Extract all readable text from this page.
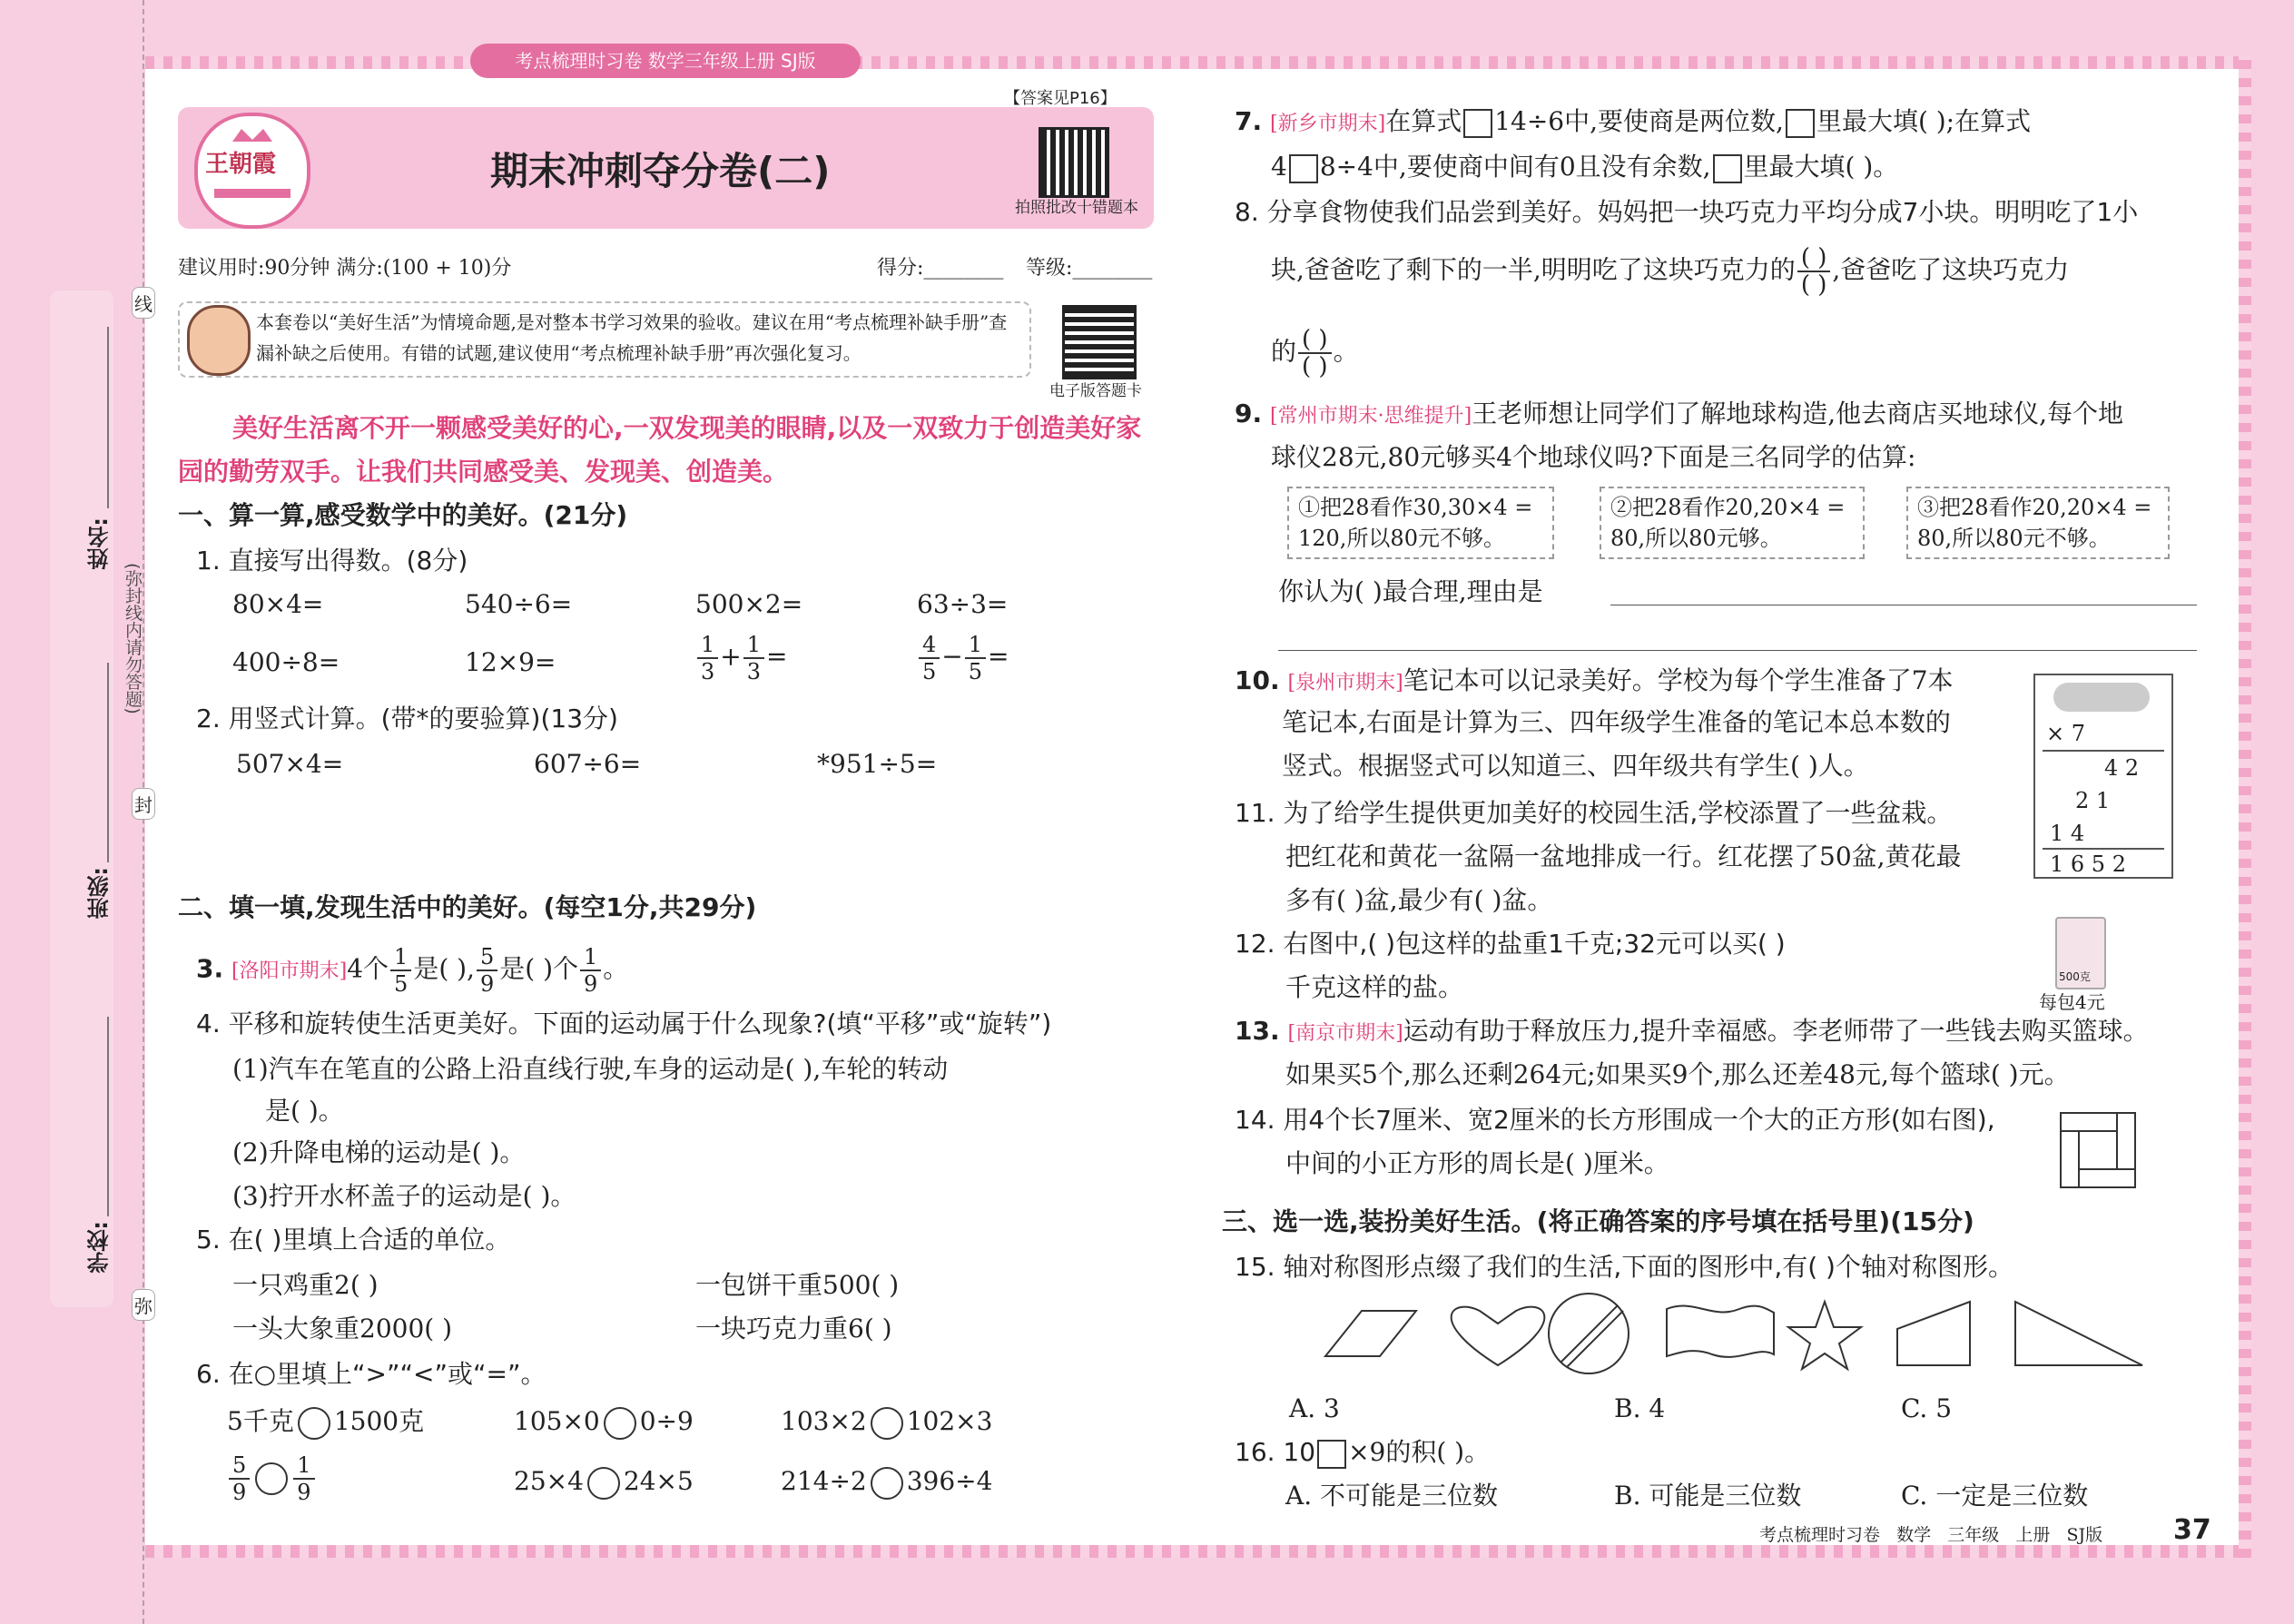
姓名:
班级:
学校:
(弥封线内请勿答题)
线
封
弥
考点梳理时习卷 数学三年级上册 SJ版
王朝霞	期末冲刺夺分卷(二)
【答案见P16】
拍照批改十错题本
建议用时:90分钟 满分:(100 + 10)分	得分:________ 等级:________
本套卷以“美好生活”为情境命题,是对整本书学习效果的验收。建议在用“考点梳理补缺手册”查漏补缺之后使用。有错的试题,建议使用“考点梳理补缺手册”再次强化复习。
电子版答题卡
美好生活离不开一颗感受美好的心,一双发现美的眼睛,以及一双致力于创造美好家园的勤劳双手。让我们共同感受美、发现美、创造美。
一、算一算,感受数学中的美好。(21分)
1. 直接写出得数。(8分)
80×4=	540÷6=	500×2=	63÷3=
400÷8=	12×9=	$\frac{1}{3} + \frac{1}{3}$ =	$\frac{4}{5} - \frac{1}{5}$ =
2. 用竖式计算。(带*的要验算)(13分)
507×4=	607÷6=	*951÷5=
二、填一填,发现生活中的美好。(每空1分,共29分)
3. [洛阳市期末]4个 $\frac{1}{5}$ 是( ), $\frac{5}{9}$ 是( )个 $\frac{1}{9}$ 。
4. 平移和旋转使生活更美好。下面的运动属于什么现象?(填“平移”或“旋转”)
(1)汽车在笔直的公路上沿直线行驶,车身的运动是( ),车轮的转动
是( )。
(2)升降电梯的运动是( )。
(3)拧开水杯盖子的运动是( )。
5. 在( )里填上合适的单位。
一只鸡重2( )	一包饼干重500( )
一头大象重2000( )	一块巧克力重6( )
6. 在○里填上“>”“<”或“=”。
5千克 1500克	105×0 0÷9	103×2 102×3
$\frac{5}{9} \frac{1}{9}$	25×4 24×5	214÷2 396÷4
7. [新乡市期末]在算式 14÷6中,要使商是两位数, 里最大填( );在算式
4 8÷4中,要使商中间有0且没有余数, 里最大填( )。
8. 分享食物使我们品尝到美好。妈妈把一块巧克力平均分成7小块。明明吃了1小
块,爸爸吃了剩下的一半,明明吃了这块巧克力的 $\frac{( )}{( )}$ ,爸爸吃了这块巧克力
的 $\frac{( )}{( )}$ 。
9. [常州市期末·思维提升]王老师想让同学们了解地球构造,他去商店买地球仪,每个地
球仪28元,80元够买4个地球仪吗?下面是三名同学的估算:
①把28看作30,30×4 = 120,所以80元不够。
②把28看作20,20×4 = 80,所以80元够。
③把28看作20,20×4 = 80,所以80元不够。
你认为( )最合理,理由是
10. [泉州市期末]笔记本可以记录美好。学校为每个学生准备了7本
笔记本,右面是计算为三、四年级学生准备的笔记本总本数的
竖式。根据竖式可以知道三、四年级共有学生( )人。
× 7
4 2
2 1
1 4
1 6 5 2
11. 为了给学生提供更加美好的校园生活,学校添置了一些盆栽。
把红花和黄花一盆隔一盆地排成一行。红花摆了50盆,黄花最
多有( )盆,最少有( )盆。
12. 右图中,( )包这样的盐重1千克;32元可以买( )
千克这样的盐。	500克
每包4元
13. [南京市期末]运动有助于释放压力,提升幸福感。李老师带了一些钱去购买篮球。
如果买5个,那么还剩264元;如果买9个,那么还差48元,每个篮球( )元。
14. 用4个长7厘米、宽2厘米的长方形围成一个大的正方形(如右图),
中间的小正方形的周长是( )厘米。
三、选一选,装扮美好生活。(将正确答案的序号填在括号里)(15分)
15. 轴对称图形点缀了我们的生活,下面的图形中,有( )个轴对称图形。
A. 3	B. 4	C. 5
16. 10 ×9的积( )。
A. 不可能是三位数	B. 可能是三位数	C. 一定是三位数
考点梳理时习卷   数学   三年级   上册   SJ版	37
